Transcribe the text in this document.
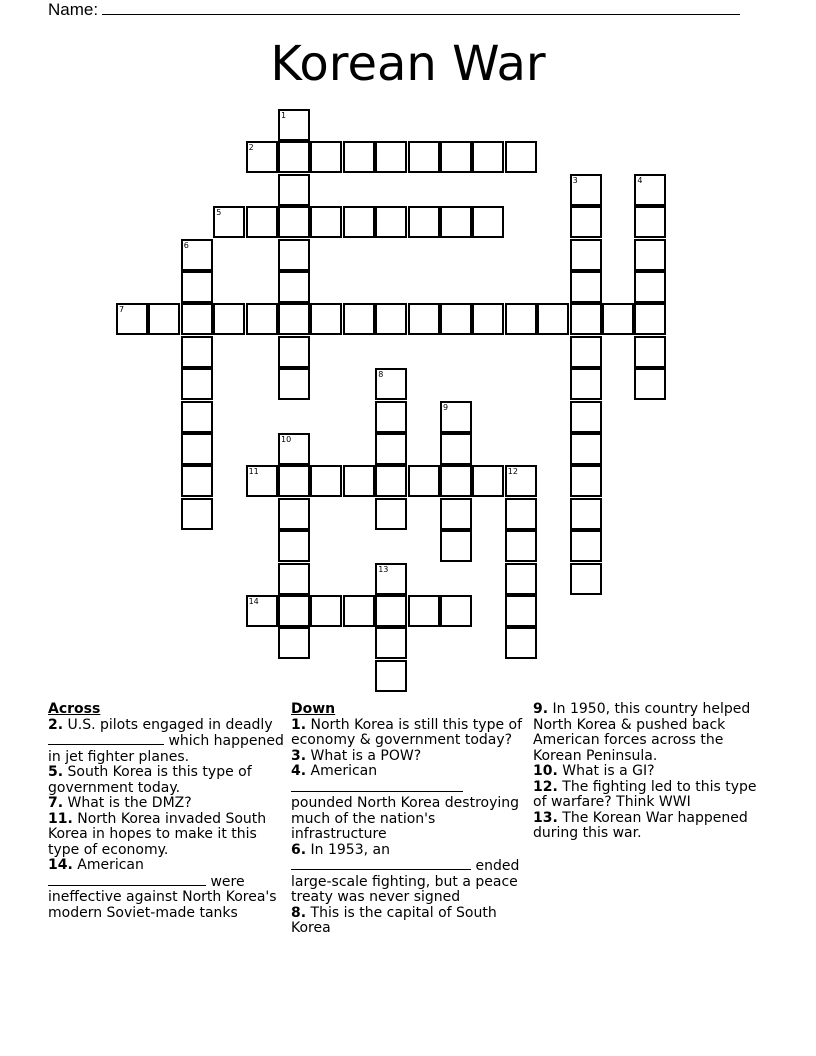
Name:
Korean War
1
2
3	4
5
6
7
8
9
10
11	12
13
14
Across
2. U.S. pilots engaged in deadly  which happened in jet fighter planes.
5. South Korea is this type of government today.
7. What is the DMZ?
11. North Korea invaded South Korea in hopes to make it this type of economy.
14. American  were ineffective against North Korea's modern Soviet-made tanks
Down
1. North Korea is still this type of economy & government today?
3. What is a POW?
4. American  pounded North Korea destroying much of the nation's infrastructure
6. In 1953, an  ended large-scale fighting, but a peace treaty was never signed
8. This is the capital of South Korea
9. In 1950, this country helped North Korea & pushed back American forces across the Korean Peninsula.
10. What is a GI?
12. The fighting led to this type of warfare? Think WWI
13. The Korean War happened during this war.
